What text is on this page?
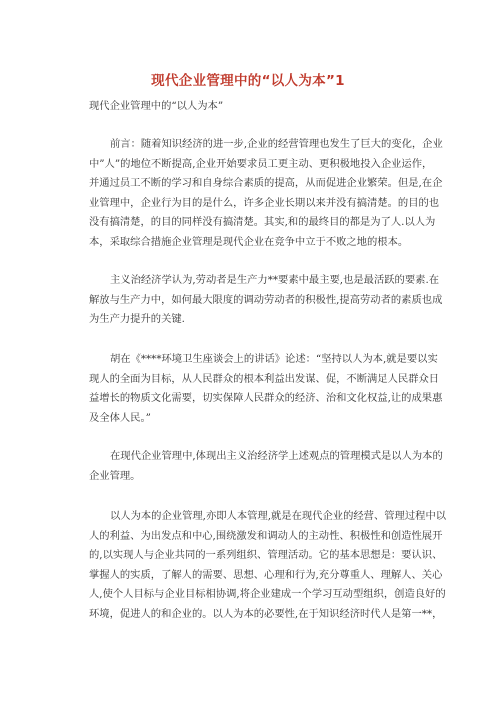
现代企业管理中的“以人为本”1
现代企业管理中的“以人为本”
前言：随着知识经济的进一步,企业的经营管理也发生了巨大的变化，企业
中”人”的地位不断提高,企业开始要求员工更主动、更积极地投入企业运作，
并通过员工不断的学习和自身综合素质的提高，从而促进企业繁荣。但是,在企
业管理中，企业行为目的是什么，许多企业长期以来并没有搞清楚。的目的也
没有搞清楚，的目的同样没有搞清楚。其实,和的最终目的都是为了人.以人为
本，采取综合措施企业管理是现代企业在竞争中立于不败之地的根本。
主义治经济学认为,劳动者是生产力**要素中最主要,也是最活跃的要素.在
解放与生产力中，如何最大限度的调动劳动者的积极性,提高劳动者的素质也成
为生产力提升的关键.
胡在《****环境卫生座谈会上的讲话》论述：“坚持以人为本,就是要以实
现人的全面为目标，从人民群众的根本利益出发谋、促，不断满足人民群众日
益增长的物质文化需要，切实保障人民群众的经济、治和文化权益,让的成果惠
及全体人民。”
在现代企业管理中,体现出主义治经济学上述观点的管理模式是以人为本的
企业管理。
以人为本的企业管理,亦即人本管理,就是在现代企业的经营、管理过程中以
人的利益、为出发点和中心,围绕激发和调动人的主动性、积极性和创造性展开
的,以实现人与企业共同的一系列组织、管理活动。它的基本思想是：要认识、
掌握人的实质，了解人的需要、思想、心理和行为,充分尊重人、理解人、关心
人,使个人目标与企业目标相协调,将企业建成一个学习互动型组织，创造良好的
环境，促进人的和企业的。以人为本的必要性,在于知识经济时代人是第一**，
